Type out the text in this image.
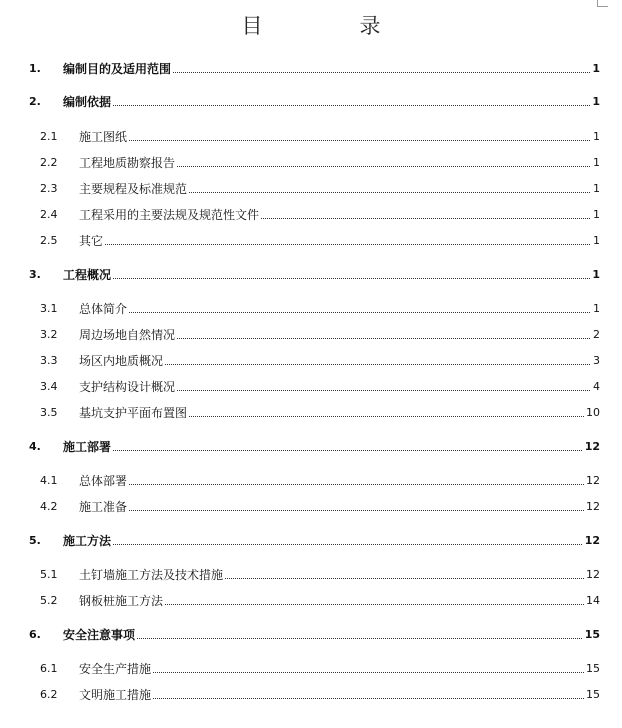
目　录
1. 编制目的及适用范围	1
2. 编制依据	1
2.1 施工图纸	1
2.2 工程地质勘察报告	1
2.3 主要规程及标准规范	1
2.4 工程采用的主要法规及规范性文件	1
2.5 其它	1
3. 工程概况	1
3.1 总体简介	1
3.2 周边场地自然情况	2
3.3 场区内地质概况	3
3.4 支护结构设计概况	4
3.5 基坑支护平面布置图	10
4. 施工部署	12
4.1 总体部署	12
4.2 施工准备	12
5. 施工方法	12
5.1 土钉墙施工方法及技术措施	12
5.2 钢板桩施工方法	14
6. 安全注意事项	15
6.1 安全生产措施	15
6.2 文明施工措施	15
